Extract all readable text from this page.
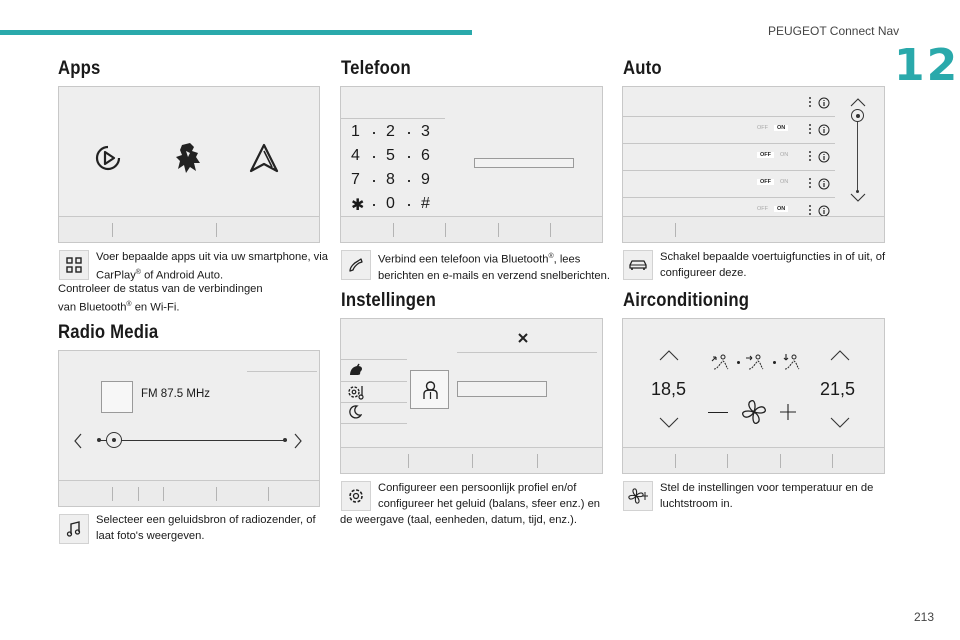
PEUGEOT Connect Nav
12
213
Apps
Voer bepaalde apps uit via uw smartphone, via
CarPlay® of Android Auto.
Controleer de status van de verbindingen
van Bluetooth® en Wi-Fi.
Radio Media
FM 87.5 MHz
Selecteer een geluidsbron of radiozender, of
laat foto's weergeven.
Telefoon
1 2 3
4 5 6
7 8 9
✱ 0 #
Verbind een telefoon via Bluetooth®, lees
berichten en e-mails en verzend snelberichten.
Instellingen
Configureer een persoonlijk profiel en/of
configureer het geluid (balans, sfeer enz.) en
de weergave (taal, eenheden, datum, tijd, enz.).
Auto
OFF	ON
OFF	ON
OFF	ON
OFF	ON
Schakel bepaalde voertuigfuncties in of uit, of
configureer deze.
Airconditioning
18,5	21,5
Stel de instellingen voor temperatuur en de
luchtstroom in.
